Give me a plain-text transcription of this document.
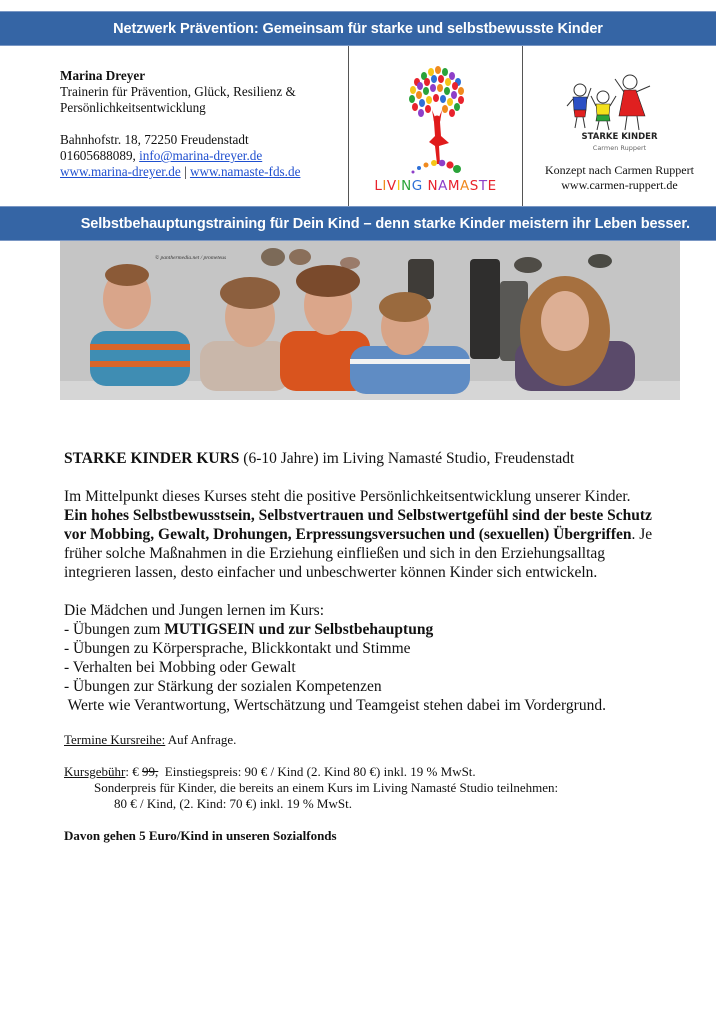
Netzwerk Prävention: Gemeinsam für starke und selbstbewusste Kinder
Marina Dreyer
Trainerin für Prävention, Glück, Resilienz &
Persönlichkeitsentwicklung
Bahnhofstr. 18, 72250 Freudenstadt
01605688089, info@marina-dreyer.de
www.marina-dreyer.de | www.namaste-fds.de
LIVING NAMASTE
STARKE KINDER
Carmen Ruppert
Konzept nach Carmen Ruppert
www.carmen-ruppert.de
Selbstbehauptungstraining für Dein Kind – denn starke Kinder meistern ihr Leben besser.
© panthermedia.net / prometeus
STARKE KINDER KURS (6-10 Jahre) im Living Namasté Studio, Freudenstadt
Im Mittelpunkt dieses Kurses steht die positive Persönlichkeitsentwicklung unserer Kinder.
Ein hohes Selbstbewusstsein, Selbstvertrauen und Selbstwertgefühl sind der beste Schutz vor Mobbing, Gewalt, Drohungen, Erpressungsversuchen und (sexuellen) Übergriffen. Je früher solche Maßnahmen in die Erziehung einfließen und sich in den Erziehungsalltag integrieren lassen, desto einfacher und unbeschwerter können Kinder sich entwickeln.
Die Mädchen und Jungen lernen im Kurs:
- Übungen zum MUTIGSEIN und zur Selbstbehauptung
- Übungen zu Körpersprache, Blickkontakt und Stimme
- Verhalten bei Mobbing oder Gewalt
- Übungen zur Stärkung der sozialen Kompetenzen
Werte wie Verantwortung, Wertschätzung und Teamgeist stehen dabei im Vordergrund.
Termine Kursreihe: Auf Anfrage.
Kursgebühr: € 99,  Einstiegspreis: 90 € / Kind (2. Kind 80 €) inkl. 19 % MwSt.
Sonderpreis für Kinder, die bereits an einem Kurs im Living Namasté Studio teilnehmen:
80 € / Kind, (2. Kind: 70 €) inkl. 19 % MwSt.
Davon gehen 5 Euro/Kind in unseren Sozialfonds
